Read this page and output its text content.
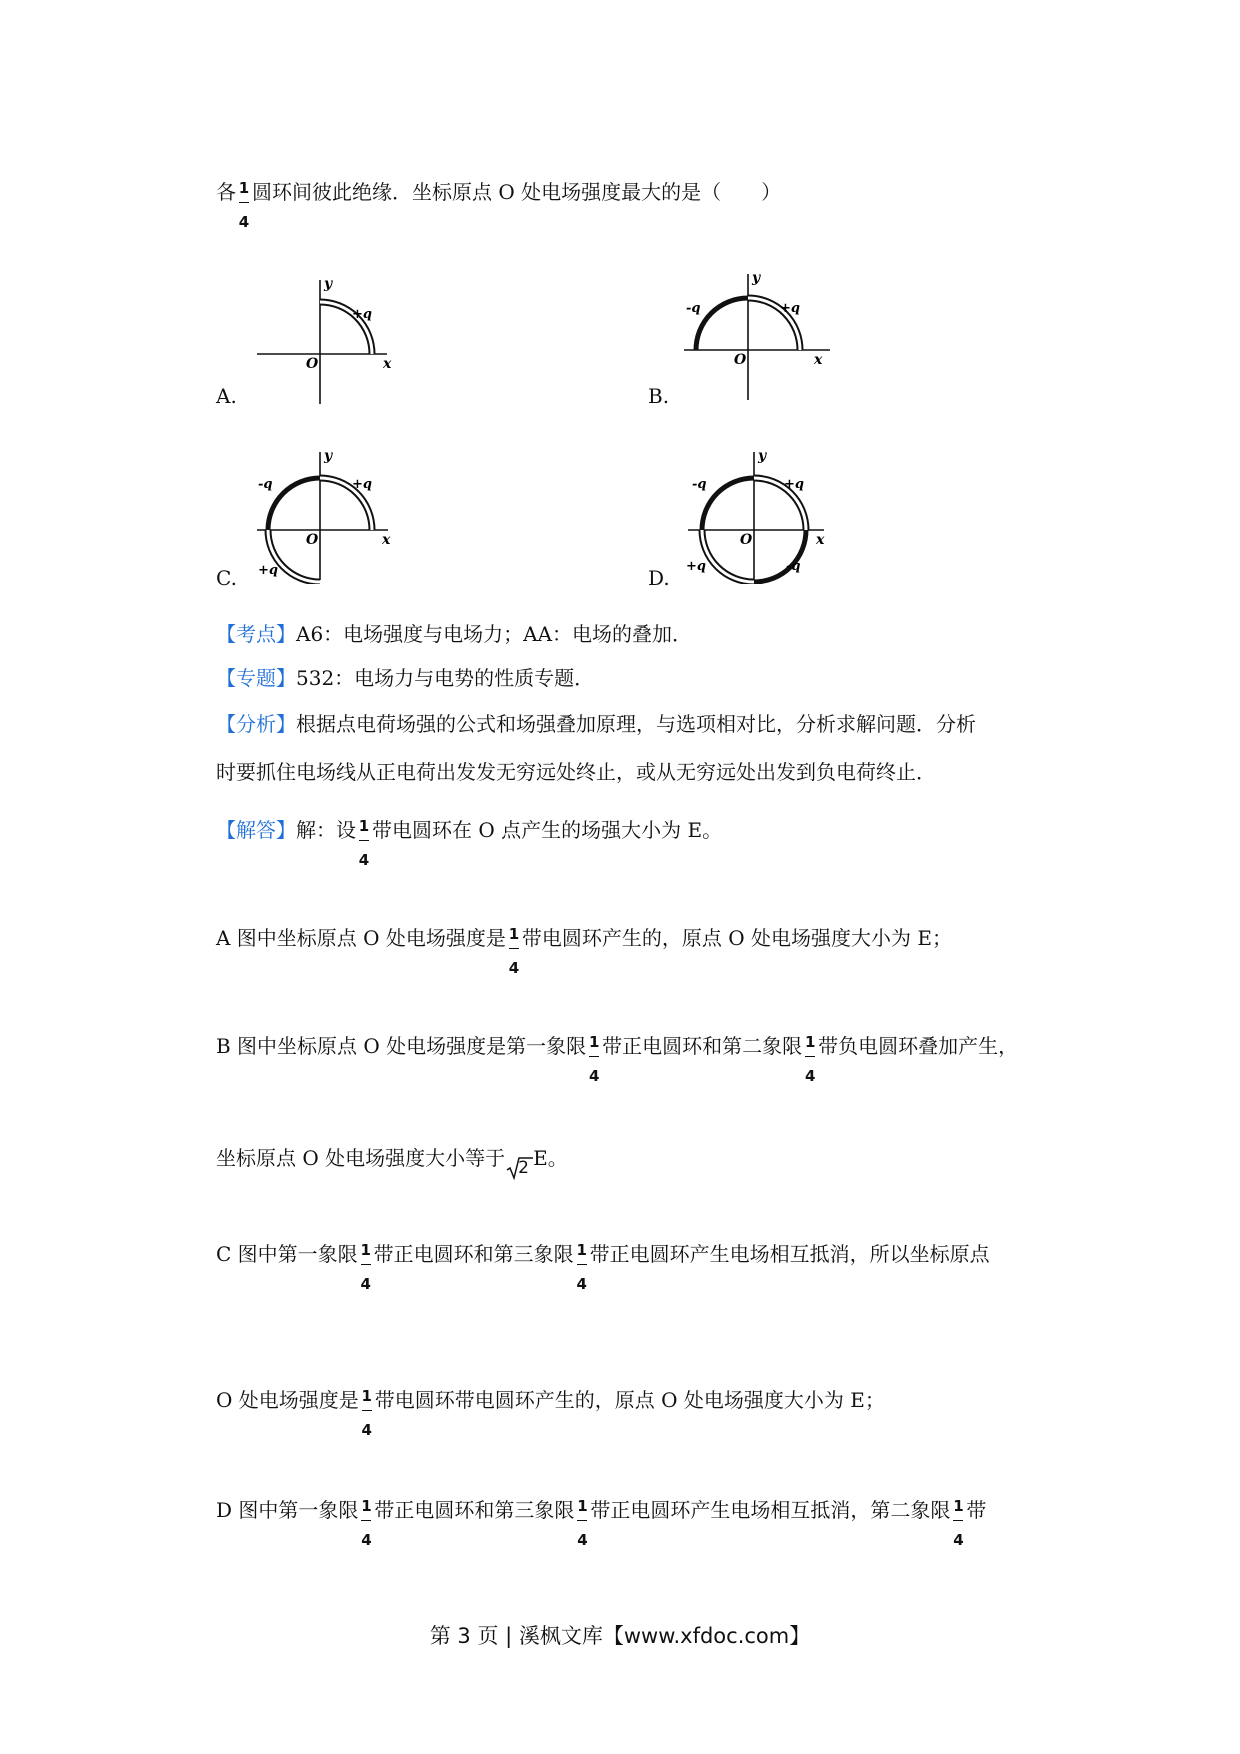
各 $\frac{1}{4}$ 圆环间彼此绝缘．坐标原点 O 处电场强度最大的是（　　）
y
x
O
+q
A.
y
x
O
+q
-q
B.
y
x
O
+q
-q
+q
C.
y
x
O
+q
-q
+q	-q
D.
【考点】A6：电场强度与电场力；AA：电场的叠加．
【专题】532：电场力与电势的性质专题．
【分析】根据点电荷场强的公式和场强叠加原理，与选项相对比，分析求解问题．分析
时要抓住电场线从正电荷出发发无穷远处终止，或从无穷远处出发到负电荷终止．
【解答】解：设 $\frac{1}{4}$ 带电圆环在 O 点产生的场强大小为 E。
A 图中坐标原点 O 处电场强度是 $\frac{1}{4}$ 带电圆环产生的，原点 O 处电场强度大小为 E；
B 图中坐标原点 O 处电场强度是第一象限 $\frac{1}{4}$ 带正电圆环和第二象限 $\frac{1}{4}$ 带负电圆环叠加产生，
坐标原点 O 处电场强度大小等于 2 E。
C 图中第一象限 $\frac{1}{4}$ 带正电圆环和第三象限 $\frac{1}{4}$ 带正电圆环产生电场相互抵消，所以坐标原点
O 处电场强度是 $\frac{1}{4}$ 带电圆环带电圆环产生的，原点 O 处电场强度大小为 E；
D 图中第一象限 $\frac{1}{4}$ 带正电圆环和第三象限 $\frac{1}{4}$ 带正电圆环产生电场相互抵消，第二象限 $\frac{1}{4}$ 带
第 3 页 | 溪枫文库【www.xfdoc.com】
